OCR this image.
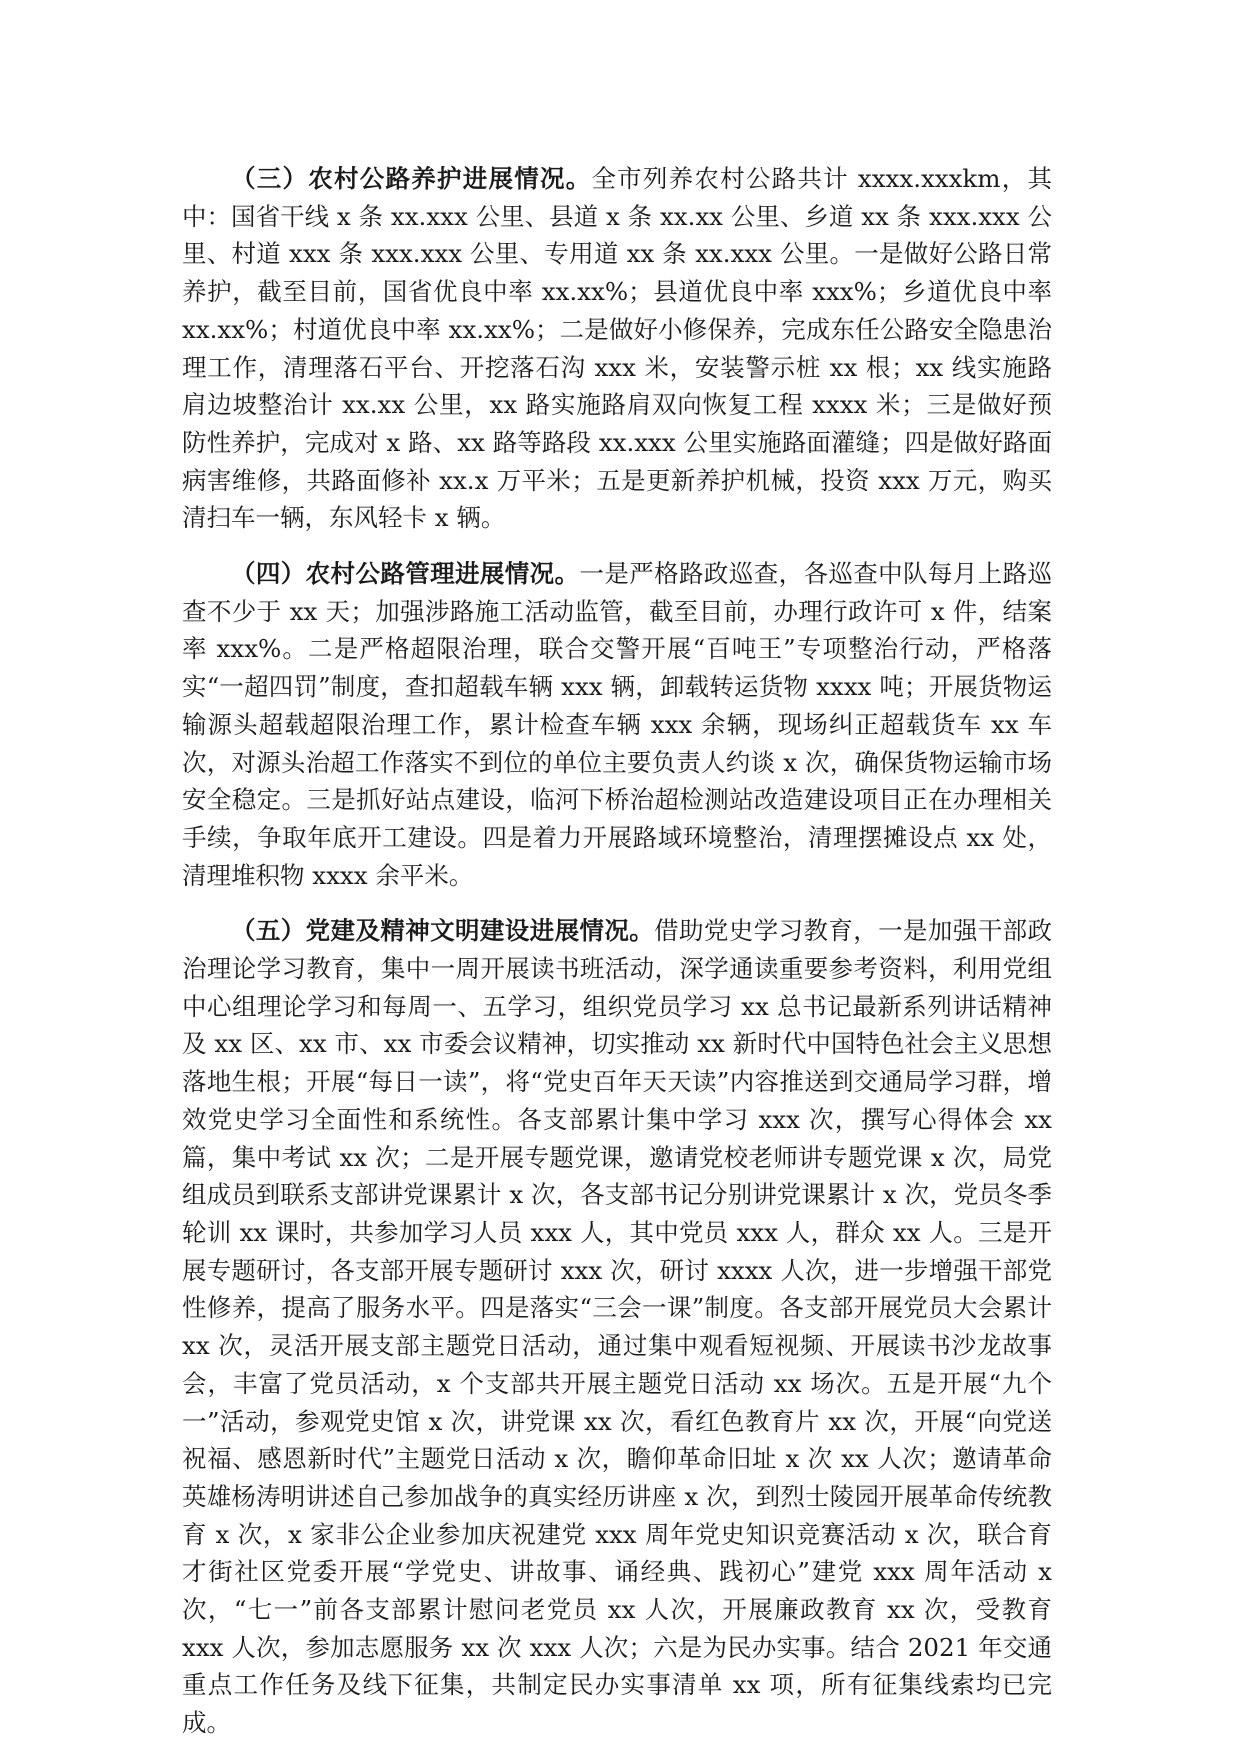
（三）农村公路养护进展情况。全市列养农村公路共计 xxxx.xxxkm，其中：国省干线 x 条 xx.xxx 公里、县道 x 条 xx.xx 公里、乡道 xx 条 xxx.xxx 公里、村道 xxx 条 xxx.xxx 公里、专用道 xx 条 xx.xxx 公里。一是做好公路日常养护，截至目前，国省优良中率 xx.xx%；县道优良中率 xxx%；乡道优良中率 xx.xx%；村道优良中率 xx.xx%；二是做好小修保养，完成东任公路安全隐患治理工作，清理落石平台、开挖落石沟 xxx 米，安装警示桩 xx 根；xx 线实施路肩边坡整治计 xx.xx 公里，xx 路实施路肩双向恢复工程 xxxx 米；三是做好预防性养护，完成对 x 路、xx 路等路段 xx.xxx 公里实施路面灌缝；四是做好路面病害维修，共路面修补 xx.x 万平米；五是更新养护机械，投资 xxx 万元，购买清扫车一辆，东风轻卡 x 辆。

（四）农村公路管理进展情况。一是严格路政巡查，各巡查中队每月上路巡查不少于 xx 天；加强涉路施工活动监管，截至目前，办理行政许可 x 件，结案率 xxx%。二是严格超限治理，联合交警开展“百吨王”专项整治行动，严格落实“一超四罚”制度，查扣超载车辆 xxx 辆，卸载转运货物 xxxx 吨；开展货物运输源头超载超限治理工作，累计检查车辆 xxx 余辆，现场纠正超载货车 xx 车次，对源头治超工作落实不到位的单位主要负责人约谈 x 次，确保货物运输市场安全稳定。三是抓好站点建设，临河下桥治超检测站改造建设项目正在办理相关手续，争取年底开工建设。四是着力开展路域环境整治，清理摆摊设点 xx 处，清理堆积物 xxxx 余平米。

（五）党建及精神文明建设进展情况。借助党史学习教育，一是加强干部政治理论学习教育，集中一周开展读书班活动，深学通读重要参考资料，利用党组中心组理论学习和每周一、五学习，组织党员学习 xx 总书记最新系列讲话精神及 xx 区、xx 市、xx 市委会议精神，切实推动 xx 新时代中国特色社会主义思想落地生根；开展“每日一读”，将“党史百年天天读”内容推送到交通局学习群，增效党史学习全面性和系统性。各支部累计集中学习 xxx 次，撰写心得体会 xx 篇，集中考试 xx 次；二是开展专题党课，邀请党校老师讲专题党课 x 次，局党组成员到联系支部讲党课累计 x 次，各支部书记分别讲党课累计 x 次，党员冬季轮训 xx 课时，共参加学习人员 xxx 人，其中党员 xxx 人，群众 xx 人。三是开展专题研讨，各支部开展专题研讨 xxx 次，研讨 xxxx 人次，进一步增强干部党性修养，提高了服务水平。四是落实“三会一课”制度。各支部开展党员大会累计 xx 次，灵活开展支部主题党日活动，通过集中观看短视频、开展读书沙龙故事会，丰富了党员活动，x 个支部共开展主题党日活动 xx 场次。五是开展“九个一”活动，参观党史馆 x 次，讲党课 xx 次，看红色教育片 xx 次，开展“向党送祝福、感恩新时代”主题党日活动 x 次，瞻仰革命旧址 x 次 xx 人次；邀请革命英雄杨涛明讲述自己参加战争的真实经历讲座 x 次，到烈士陵园开展革命传统教育 x 次，x 家非公企业参加庆祝建党 xxx 周年党史知识竞赛活动 x 次，联合育才街社区党委开展“学党史、讲故事、诵经典、践初心”建党 xxx 周年活动 x 次，“七一”前各支部累计慰问老党员 xx 人次，开展廉政教育 xx 次，受教育 xxx 人次，参加志愿服务 xx 次 xxx 人次；六是为民办实事。结合 2021 年交通重点工作任务及线下征集，共制定民办实事清单 xx 项，所有征集线索均已完成。
